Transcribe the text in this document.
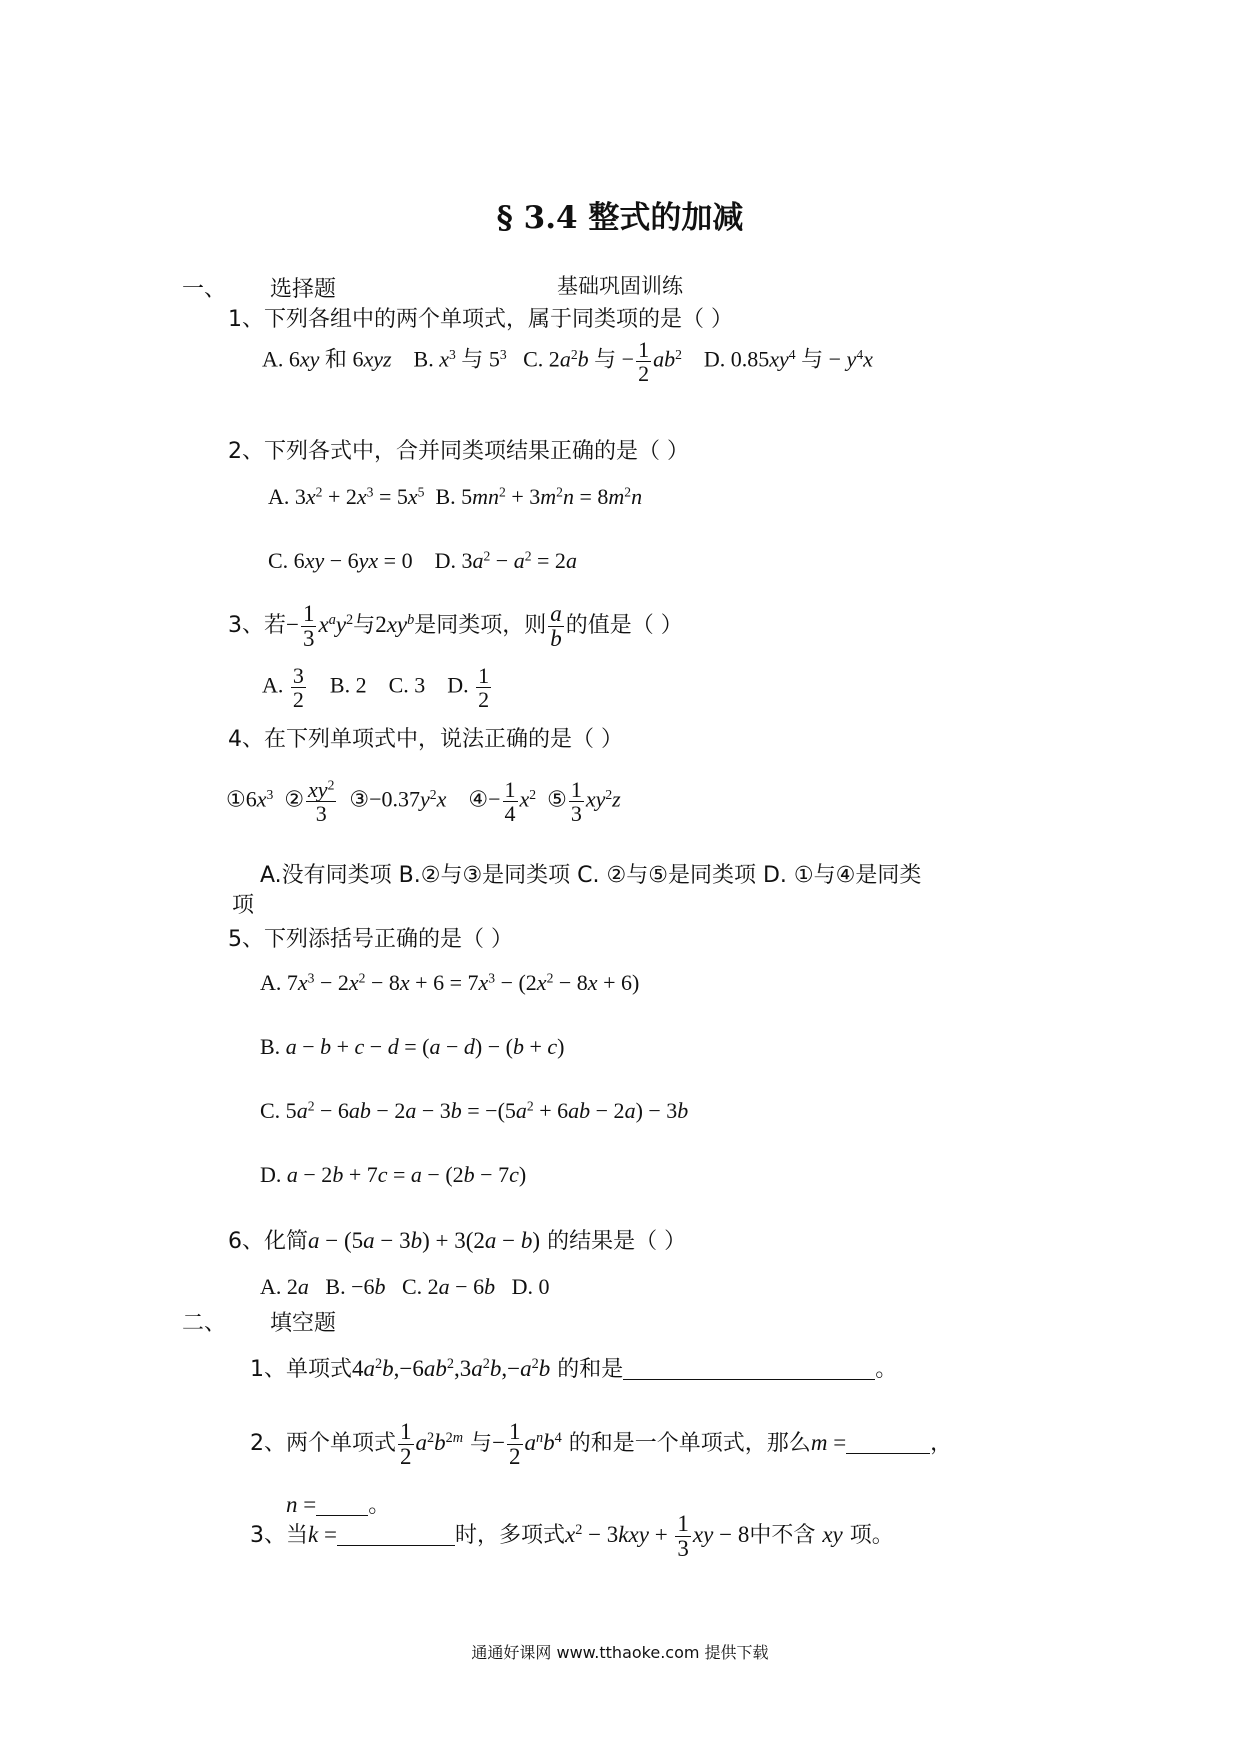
§ 3.4 整式的加减
基础巩固训练
一、 选择题
1、下列各组中的两个单项式，属于同类项的是（ ）
A. 6xy 和 6xyz    B. $x^3$ 与 $5^3$   C. $2a^2b$ 与 − $\frac{1}{2} ab^2$    D. $0.85xy^4$ 与 − $y^4x$
2、下列各式中，合并同类项结果正确的是（ ）
A. $3x^2 + 2x^3 = 5x^5$  B. $5mn^2 + 3m^2n = 8m^2n$
C. 6xy − 6yx = 0    D. $3a^2 - a^2 = 2a$
3、若− $\frac{1}{3} x^ay^2$与$2xy^b$是同类项，则 $\frac{a}{b}$ 的值是（ ）
A. $\frac{3}{2} B$. 2    C. 3    D. $\frac{1}{2}$
4、在下列单项式中，说法正确的是（ ）
$①6x^3$  ② $\frac{xy^2}{3}$ $③-0.37y^2x$    ④− $\frac{1}{4} x^2$  ⑤ $\frac{1}{3} xy^2z$
A.没有同类项 B.②与③是同类项 C. ②与⑤是同类项 D. ①与④是同类
项
5、下列添括号正确的是（ ）
A. $7x^3 - 2x^2 - 8x + 6 = 7x^3 - (2x^2 - 8x + 6)$
B. a − b + c − d = (a − d) − (b + c)
C. $5a^2 - 6ab - 2a - 3b = -(5a^2 + 6ab - 2a) - 3b$
D. a − 2b + 7c = a − (2b − 7c)
6、化简a − (5a − 3b) + 3(2a − b) 的结果是（ ）
A. 2a   B. −6b   C. 2a − 6b   D. 0
二、 填空题
1、单项式$4a^2b,-6ab^2,3a^2b,-a^2b$ 的和是	。
2、两个单项式 $\frac{1}{2} a^2b^{2m}$ 与− $\frac{1}{2} a^nb^4$ 的和是一个单项式，那么m =	，
n = 。
3、当k =	时，多项式$x^2 - 3kxy + \frac{1}{3}$ xy − 8中不含 xy 项。
通通好课网 www.tthaoke.com 提供下载
